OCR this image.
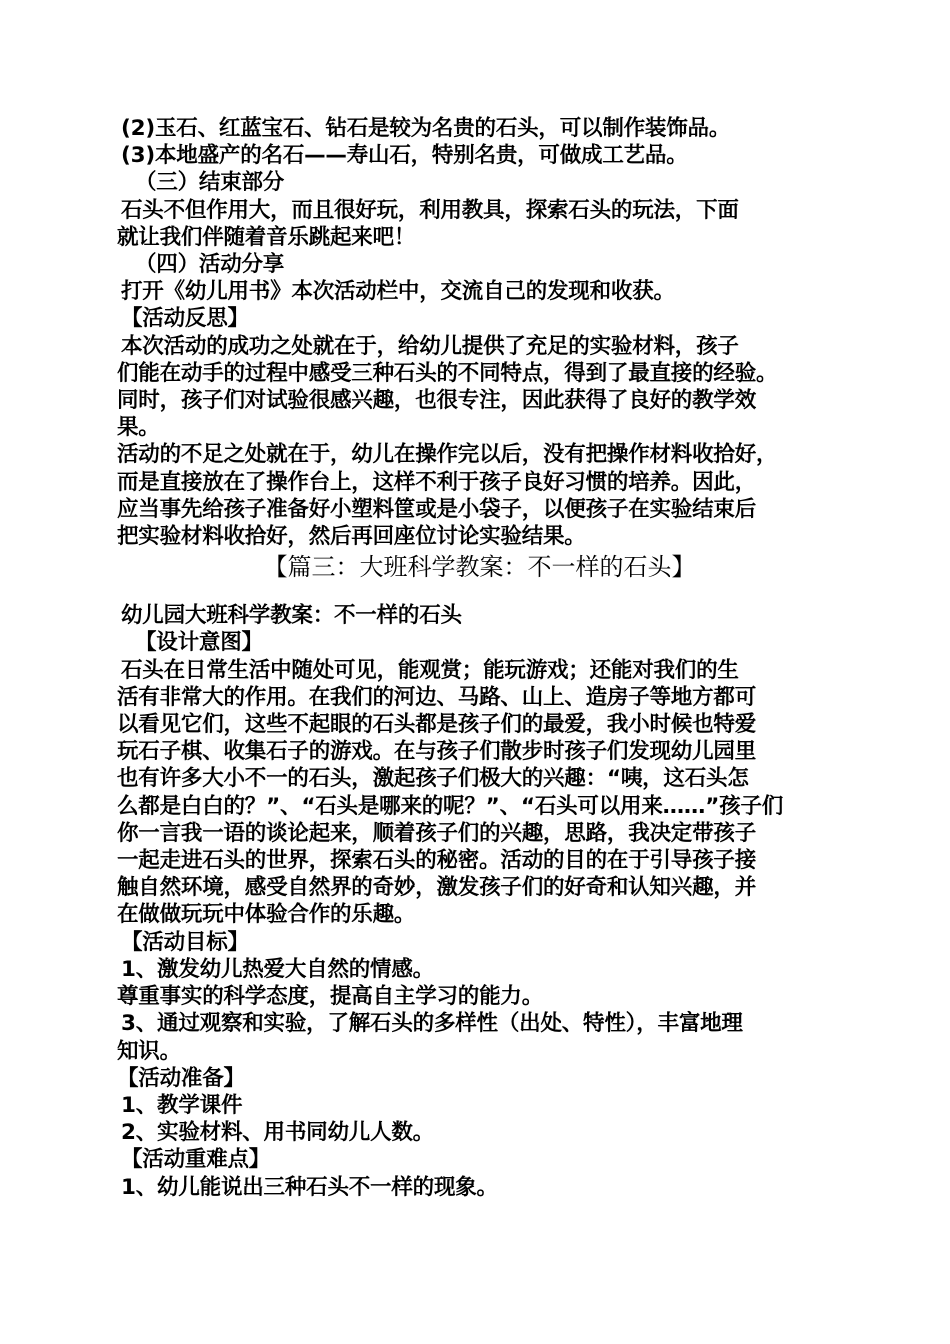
(2)玉石、红蓝宝石、钻石是较为名贵的石头，可以制作装饰品。
(3)本地盛产的名石——寿山石，特别名贵，可做成工艺品。
（三）结束部分
石头不但作用大，而且很好玩，利用教具，探索石头的玩法，下面
就让我们伴随着音乐跳起来吧！
（四）活动分享
打开《幼儿用书》本次活动栏中，交流自己的发现和收获。
【活动反思】
本次活动的成功之处就在于，给幼儿提供了充足的实验材料，孩子
们能在动手的过程中感受三种石头的不同特点，得到了最直接的经验。
同时，孩子们对试验很感兴趣，也很专注，因此获得了良好的教学效
果。
活动的不足之处就在于，幼儿在操作完以后，没有把操作材料收拾好，
而是直接放在了操作台上，这样不利于孩子良好习惯的培养。因此，
应当事先给孩子准备好小塑料筐或是小袋子，以便孩子在实验结束后
把实验材料收拾好，然后再回座位讨论实验结果。
【篇三：大班科学教案：不一样的石头】
幼儿园大班科学教案：不一样的石头
【设计意图】
石头在日常生活中随处可见，能观赏；能玩游戏；还能对我们的生
活有非常大的作用。在我们的河边、马路、山上、造房子等地方都可
以看见它们，这些不起眼的石头都是孩子们的最爱，我小时候也特爱
玩石子棋、收集石子的游戏。在与孩子们散步时孩子们发现幼儿园里
也有许多大小不一的石头，激起孩子们极大的兴趣：“咦，这石头怎
么都是白白的？”、“石头是哪来的呢？”、“石头可以用来……”孩子们
你一言我一语的谈论起来，顺着孩子们的兴趣，思路，我决定带孩子
一起走进石头的世界，探索石头的秘密。活动的目的在于引导孩子接
触自然环境，感受自然界的奇妙，激发孩子们的好奇和认知兴趣，并
在做做玩玩中体验合作的乐趣。
【活动目标】
1、激发幼儿热爱大自然的情感。
尊重事实的科学态度，提高自主学习的能力。
3、通过观察和实验，了解石头的多样性（出处、特性），丰富地理
知识。
【活动准备】
1、教学课件
2、实验材料、用书同幼儿人数。
【活动重难点】
1、幼儿能说出三种石头不一样的现象。
